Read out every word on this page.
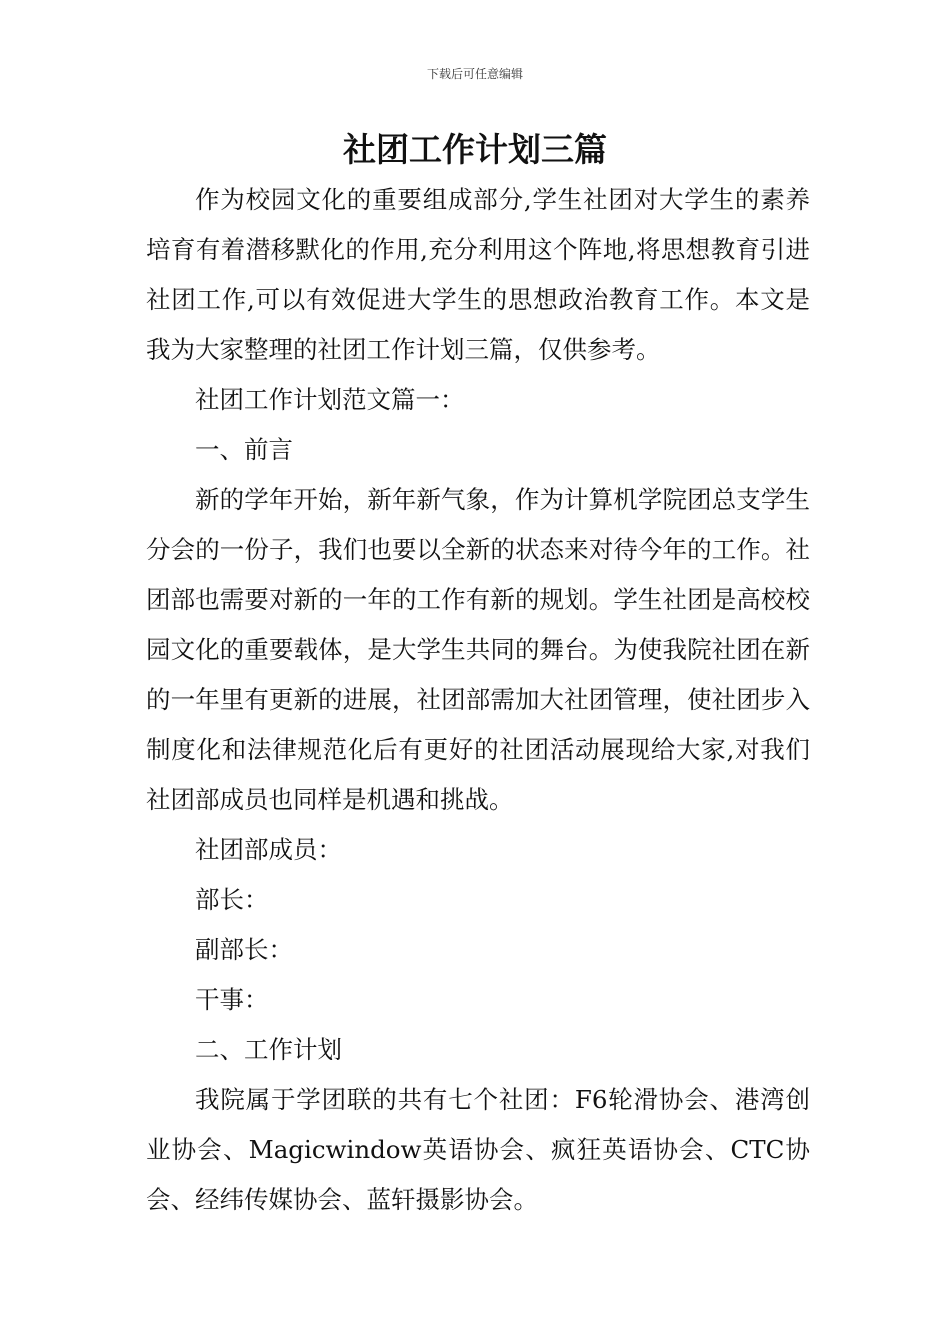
下载后可任意编辑
社团工作计划三篇

作为校园文化的重要组成部分,学生社团对大学生的素养培育有着潜移默化的作用,充分利用这个阵地,将思想教育引进社团工作,可以有效促进大学生的思想政治教育工作。本文是我为大家整理的社团工作计划三篇，仅供参考。

社团工作计划范文篇一：

一、前言

新的学年开始，新年新气象，作为计算机学院团总支学生分会的一份子，我们也要以全新的状态来对待今年的工作。社团部也需要对新的一年的工作有新的规划。学生社团是高校校园文化的重要载体，是大学生共同的舞台。为使我院社团在新的一年里有更新的进展，社团部需加大社团管理，使社团步入制度化和法律规范化后有更好的社团活动展现给大家,对我们社团部成员也同样是机遇和挑战。

社团部成员：

部长：

副部长：

干事：

二、工作计划

我院属于学团联的共有七个社团：F6轮滑协会、港湾创业协会、Magicwindow英语协会、疯狂英语协会、CTC协会、经纬传媒协会、蓝轩摄影协会。
